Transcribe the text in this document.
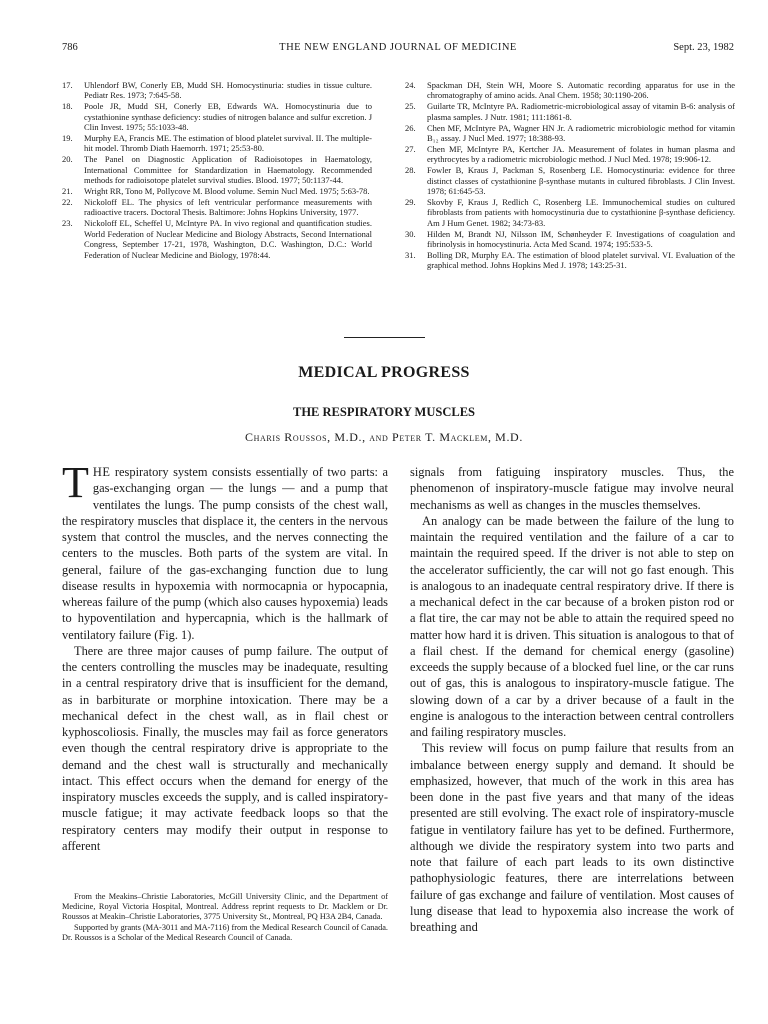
786	THE NEW ENGLAND JOURNAL OF MEDICINE	Sept. 23, 1982
17.	Uhlendorf BW, Conerly EB, Mudd SH. Homocystinuria: studies in tissue culture. Pediatr Res. 1973; 7:645-58.
18.	Poole JR, Mudd SH, Conerly EB, Edwards WA. Homocystinuria due to cystathionine synthase deficiency: studies of nitrogen balance and sulfur excretion. J Clin Invest. 1975; 55:1033-48.
19.	Murphy EA, Francis ME. The estimation of blood platelet survival. II. The multiple-hit model. Thromb Diath Haemorrh. 1971; 25:53-80.
20.	The Panel on Diagnostic Application of Radioisotopes in Haematology, International Committee for Standardization in Haematology. Recommended methods for radioisotope platelet survival studies. Blood. 1977; 50:1137-44.
21.	Wright RR, Tono M, Pollycove M. Blood volume. Semin Nucl Med. 1975; 5:63-78.
22.	Nickoloff EL. The physics of left ventricular performance measurements with radioactive tracers. Doctoral Thesis. Baltimore: Johns Hopkins University, 1977.
23.	Nickoloff EL, Scheffel U, McIntyre PA. In vivo regional and quantification studies. World Federation of Nuclear Medicine and Biology Abstracts, Second International Congress, September 17-21, 1978, Washington, D.C. Washington, D.C.: World Federation of Nuclear Medicine and Biology, 1978:44.
24.	Spackman DH, Stein WH, Moore S. Automatic recording apparatus for use in the chromatography of amino acids. Anal Chem. 1958; 30:1190-206.
25.	Guilarte TR, McIntyre PA. Radiometric-microbiological assay of vitamin B-6: analysis of plasma samples. J Nutr. 1981; 111:1861-8.
26.	Chen MF, McIntyre PA, Wagner HN Jr. A radiometric microbiologic method for vitamin B₁₂ assay. J Nucl Med. 1977; 18:388-93.
27.	Chen MF, McIntyre PA, Kertcher JA. Measurement of folates in human plasma and erythrocytes by a radiometric microbiologic method. J Nucl Med. 1978; 19:906-12.
28.	Fowler B, Kraus J, Packman S, Rosenberg LE. Homocystinuria: evidence for three distinct classes of cystathionine β-synthase mutants in cultured fibroblasts. J Clin Invest. 1978; 61:645-53.
29.	Skovby F, Kraus J, Redlich C, Rosenberg LE. Immunochemical studies on cultured fibroblasts from patients with homocystinuria due to cystathionine β-synthase deficiency. Am J Hum Genet. 1982; 34:73-83.
30.	Hilden M, Brandt NJ, Nilsson IM, Schønheyder F. Investigations of coagulation and fibrinolysis in homocystinuria. Acta Med Scand. 1974; 195:533-5.
31.	Bolling DR, Murphy EA. The estimation of blood platelet survival. VI. Evaluation of the graphical method. Johns Hopkins Med J. 1978; 143:25-31.
MEDICAL PROGRESS
THE RESPIRATORY MUSCLES
Charis Roussos, M.D., and Peter T. Macklem, M.D.

THE respiratory system consists essentially of two parts: a gas-exchanging organ — the lungs — and a pump that ventilates the lungs. The pump consists of the chest wall, the respiratory muscles that displace it, the centers in the nervous system that control the muscles, and the nerves connecting the centers to the muscles. Both parts of the system are vital. In general, failure of the gas-exchanging function due to lung disease results in hypoxemia with normocapnia or hypocapnia, whereas failure of the pump (which also causes hypoxemia) leads to hypoventilation and hypercapnia, which is the hallmark of ventilatory failure (Fig. 1).

There are three major causes of pump failure. The output of the centers controlling the muscles may be inadequate, resulting in a central respiratory drive that is insufficient for the demand, as in barbiturate or morphine intoxication. There may be a mechanical defect in the chest wall, as in flail chest or kyphoscoliosis. Finally, the muscles may fail as force generators even though the central respiratory drive is appropriate to the demand and the chest wall is structurally and mechanically intact. This effect occurs when the demand for energy of the inspiratory muscles exceeds the supply, and is called inspiratory-muscle fatigue; it may activate feedback loops so that the respiratory centers may modify their output in response to afferent

signals from fatiguing inspiratory muscles. Thus, the phenomenon of inspiratory-muscle fatigue may involve neural mechanisms as well as changes in the muscles themselves.

An analogy can be made between the failure of the lung to maintain the required ventilation and the failure of a car to maintain the required speed. If the driver is not able to step on the accelerator sufficiently, the car will not go fast enough. This is analogous to an inadequate central respiratory drive. If there is a mechanical defect in the car because of a broken piston rod or a flat tire, the car may not be able to attain the required speed no matter how hard it is driven. This situation is analogous to that of a flail chest. If the demand for chemical energy (gasoline) exceeds the supply because of a blocked fuel line, or the car runs out of gas, this is analogous to inspiratory-muscle fatigue. The slowing down of a car by a driver because of a fault in the engine is analogous to the interaction between central controllers and failing respiratory muscles.

This review will focus on pump failure that results from an imbalance between energy supply and demand. It should be emphasized, however, that much of the work in this area has been done in the past five years and that many of the ideas presented are still evolving. The exact role of inspiratory-muscle fatigue in ventilatory failure has yet to be defined. Furthermore, although we divide the respiratory system into two parts and note that failure of each part leads to its own distinctive pathophysiologic features, there are interrelations between failure of gas exchange and failure of ventilation. Most causes of lung disease that lead to hypoxemia also increase the work of breathing and

From the Meakins–Christie Laboratories, McGill University Clinic, and the Department of Medicine, Royal Victoria Hospital, Montreal. Address reprint requests to Dr. Macklem or Dr. Roussos at Meakin–Christie Laboratories, 3775 University St., Montreal, PQ H3A 2B4, Canada.

Supported by grants (MA-3011 and MA-7116) from the Medical Research Council of Canada. Dr. Roussos is a Scholar of the Medical Research Council of Canada.
